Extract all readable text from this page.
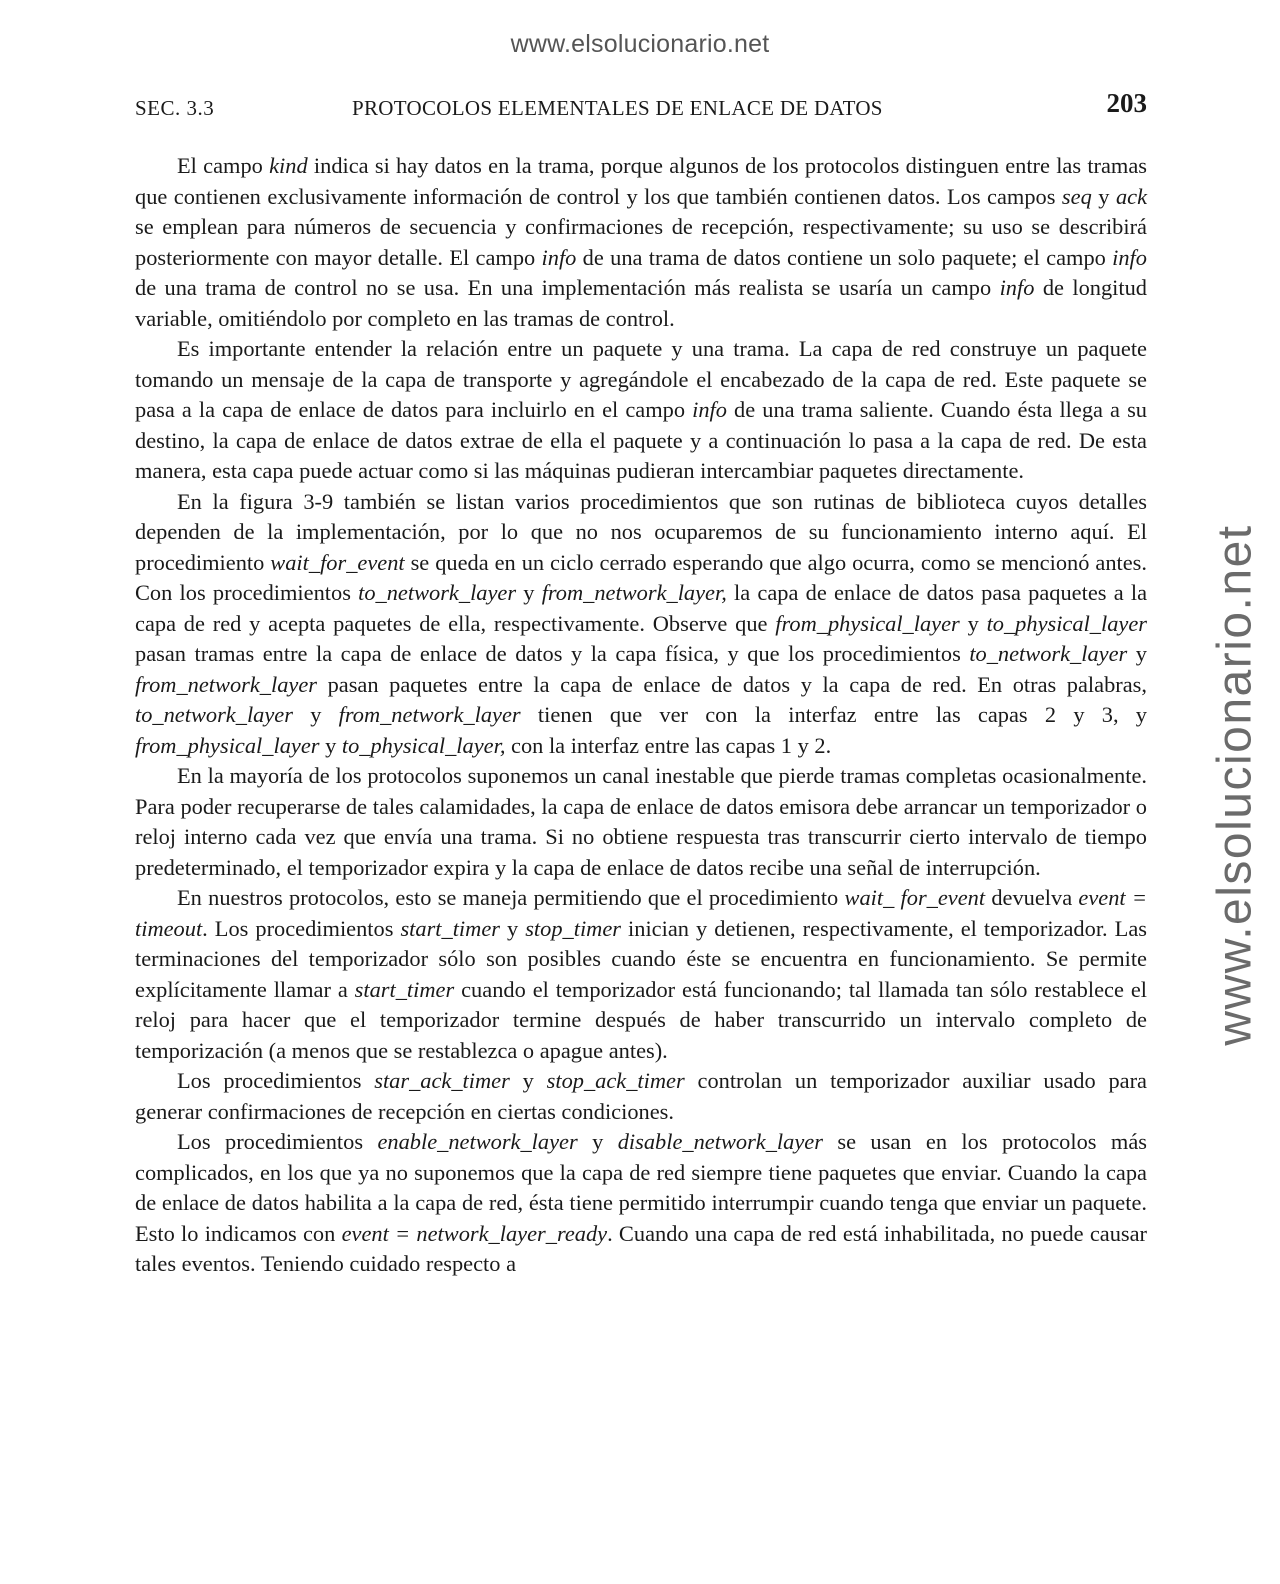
www.elsolucionario.net
www.elsolucionario.net
SEC. 3.3	PROTOCOLOS ELEMENTALES DE ENLACE DE DATOS	203

El campo kind indica si hay datos en la trama, porque algunos de los protocolos distinguen entre las tramas que contienen exclusivamente información de control y los que también contienen datos. Los campos seq y ack se emplean para números de secuencia y confirmaciones de recepción, respectivamente; su uso se describirá posteriormente con mayor detalle. El campo info de una trama de datos contiene un solo paquete; el campo info de una trama de control no se usa. En una implementación más realista se usaría un campo info de longitud variable, omitiéndolo por completo en las tramas de control.

Es importante entender la relación entre un paquete y una trama. La capa de red construye un paquete tomando un mensaje de la capa de transporte y agregándole el encabezado de la capa de red. Este paquete se pasa a la capa de enlace de datos para incluirlo en el campo info de una trama saliente. Cuando ésta llega a su destino, la capa de enlace de datos extrae de ella el paquete y a continuación lo pasa a la capa de red. De esta manera, esta capa puede actuar como si las máquinas pudieran intercambiar paquetes directamente.

En la figura 3-9 también se listan varios procedimientos que son rutinas de biblioteca cuyos detalles dependen de la implementación, por lo que no nos ocuparemos de su funcionamiento interno aquí. El procedimiento wait_for_event se queda en un ciclo cerrado esperando que algo ocurra, como se mencionó antes. Con los procedimientos to_network_layer y from_network_layer, la capa de enlace de datos pasa paquetes a la capa de red y acepta paquetes de ella, respectivamente. Observe que from_physical_layer y to_physical_layer pasan tramas entre la capa de enlace de datos y la capa física, y que los procedimientos to_network_layer y from_network_layer pasan paquetes entre la capa de enlace de datos y la capa de red. En otras palabras, to_network_layer y from_network_layer tienen que ver con la interfaz entre las capas 2 y 3, y from_physical_layer y to_physical_layer, con la interfaz entre las capas 1 y 2.

En la mayoría de los protocolos suponemos un canal inestable que pierde tramas completas ocasionalmente. Para poder recuperarse de tales calamidades, la capa de enlace de datos emisora debe arrancar un temporizador o reloj interno cada vez que envía una trama. Si no obtiene respuesta tras transcurrir cierto intervalo de tiempo predeterminado, el temporizador expira y la capa de enlace de datos recibe una señal de interrupción.

En nuestros protocolos, esto se maneja permitiendo que el procedimiento wait_ for_event devuelva event = timeout. Los procedimientos start_timer y stop_timer inician y detienen, respectivamente, el temporizador. Las terminaciones del temporizador sólo son posibles cuando éste se encuentra en funcionamiento. Se permite explícitamente llamar a start_timer cuando el temporizador está funcionando; tal llamada tan sólo restablece el reloj para hacer que el temporizador termine después de haber transcurrido un intervalo completo de temporización (a menos que se restablezca o apague antes).

Los procedimientos star_ack_timer y stop_ack_timer controlan un temporizador auxiliar usado para generar confirmaciones de recepción en ciertas condiciones.

Los procedimientos enable_network_layer y disable_network_layer se usan en los protocolos más complicados, en los que ya no suponemos que la capa de red siempre tiene paquetes que enviar. Cuando la capa de enlace de datos habilita a la capa de red, ésta tiene permitido interrumpir cuando tenga que enviar un paquete. Esto lo indicamos con event = network_layer_ready. Cuando una capa de red está inhabilitada, no puede causar tales eventos. Teniendo cuidado respecto a
